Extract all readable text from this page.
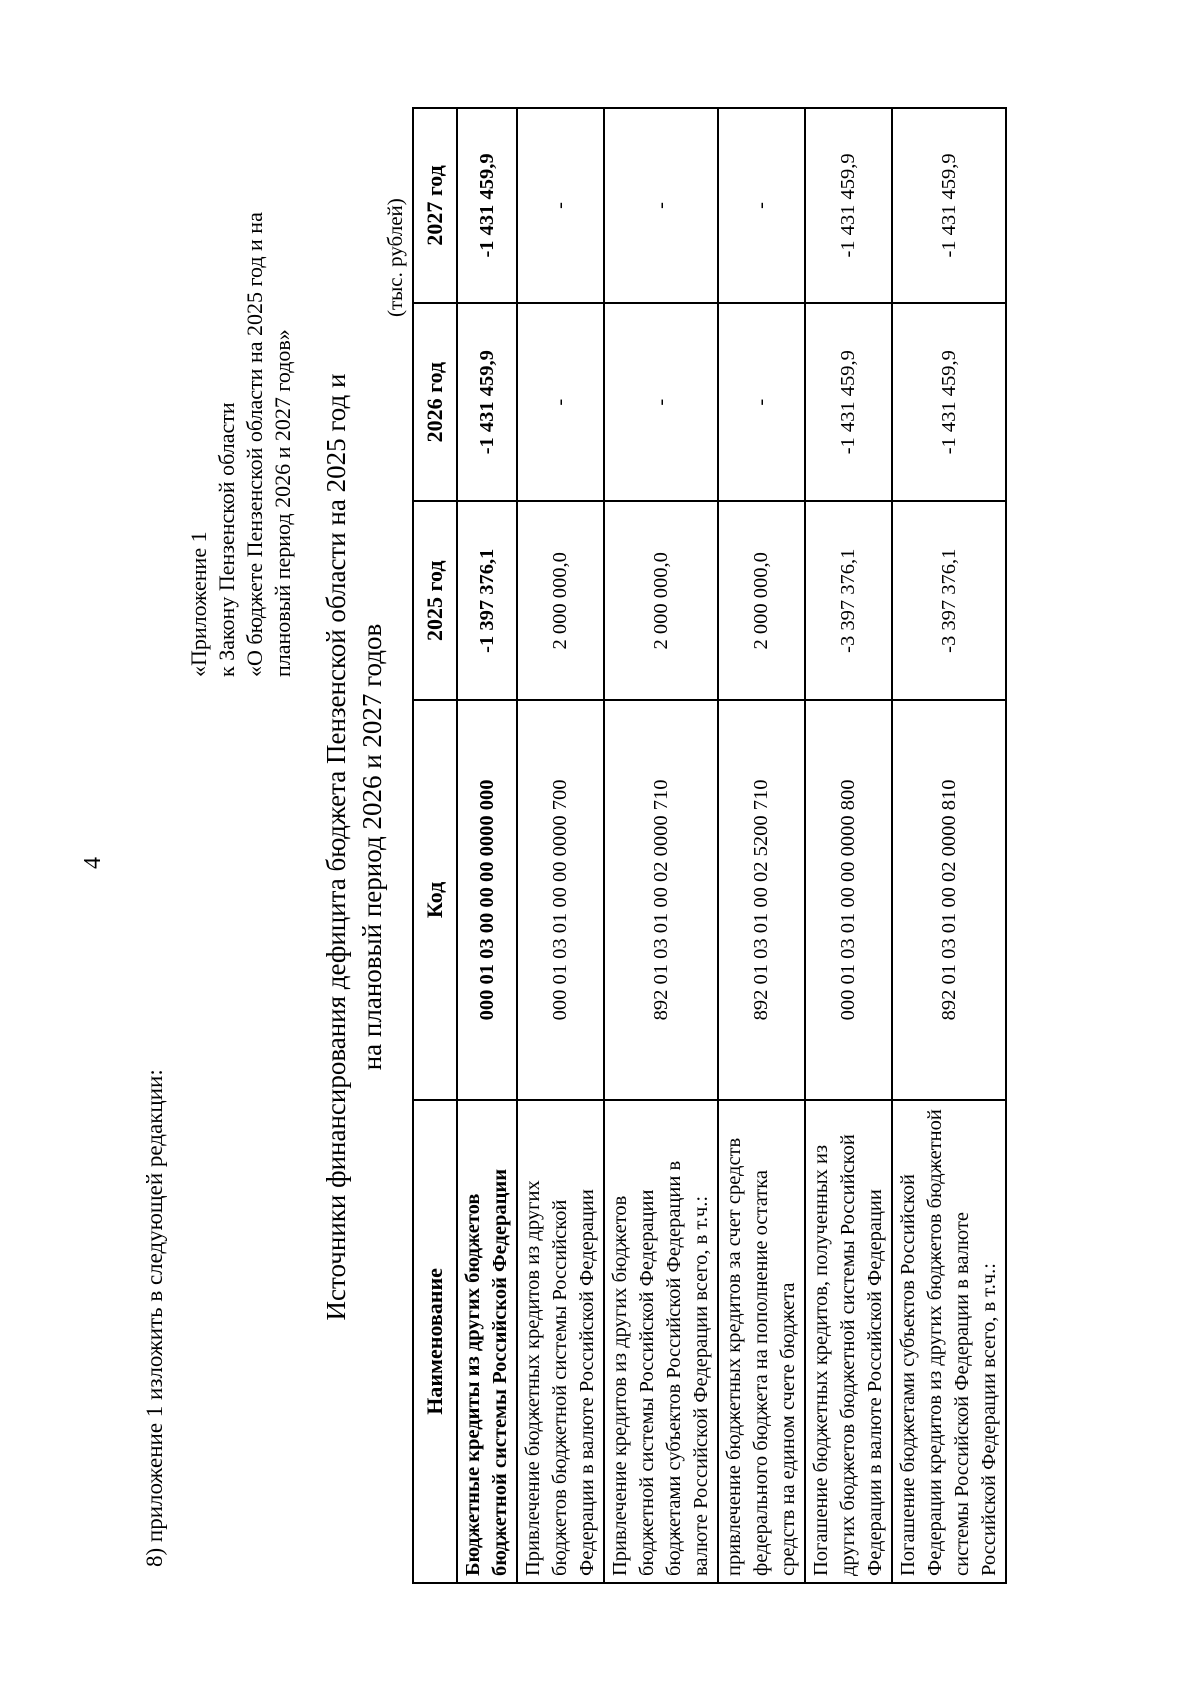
4
8) приложение 1 изложить в следующей редакции:
«Приложение 1 к Закону Пензенской области «О бюджете Пензенской области на 2025 год и на плановый период 2026 и 2027 годов» Источники финансирования дефицита бюджета Пензенской области на 2025 год и на плановый период 2026 и 2027 годов
(тыс. рублей)
Наименование	Код	2025 год	2026 год	2027 год
Бюджетные кредиты из других бюджетов бюджетной системы Российской Федерации	000 01 03 00 00 00 0000 000	-1 397 376,1	-1 431 459,9	-1 431 459,9
Привлечение бюджетных кредитов из других бюджетов бюджетной системы Российской Федерации в валюте Российской Федерации	000 01 03 01 00 00 0000 700	2 000 000,0	-	-
Привлечение кредитов из других бюджетов бюджетной системы Российской Федерации бюджетами субъектов Российской Федерации в валюте Российской Федерации всего, в т.ч.:	892 01 03 01 00 02 0000 710	2 000 000,0	-	-
привлечение бюджетных кредитов за счет средств федерального бюджета на пополнение остатка средств на едином счете бюджета	892 01 03 01 00 02 5200 710	2 000 000,0	-	-
Погашение бюджетных кредитов, полученных из других бюджетов бюджетной системы Российской Федерации в валюте Российской Федерации	000 01 03 01 00 00 0000 800	-3 397 376,1	-1 431 459,9	-1 431 459,9
Погашение бюджетами субъектов Российской Федерации кредитов из других бюджетов бюджетной системы Российской Федерации в валюте Российской Федерации всего, в т.ч.:	892 01 03 01 00 02 0000 810	-3 397 376,1	-1 431 459,9	-1 431 459,9
